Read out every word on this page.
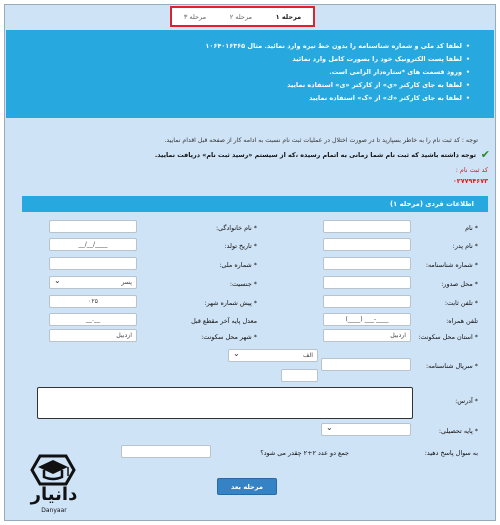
مرحله ۱
مرحله ۲
مرحله ۳
• لطفا کد ملی و شماره شناسنامه را بدون خط تیره وارد نمائید. مثال ۱۰۶۴۰۱۶۳۶۵
• لطفا پست الکترونیک خود را بصورت کامل وارد نمائید
• ورود قسمت های *ستاره‌دار الزامی است.
• لطفا به جای کارکتر «ي» از کارکتر «ی» استفاده نمایید
• لطفا به جای کارکتر «ك» از «ک» استفاده نمایید
توجه : کد ثبت نام را به خاطر بسپارید تا در صورت اختلال در عملیات ثبت نام نسبت به ادامه کار از صفحه قبل اقدام نمایید.
✔
توجه داشته باشید که ثبت نام شما زمانی به اتمام رسیده ،که از سیستم «رسید ثبت نام» دریافت نمایید.
کد ثبت نام :
۰۲۷۷۹۴۶۷۳
اطلاعات فردی (مرحله ۱)
* نام
* نام خانوادگی:
* نام پدر:
* تاریخ تولد:
__/__/____
* شماره شناسنامه:
* شماره ملی:
* محل صدور:
* جنسیت:
⌄ پسر
* تلفن ثابت:
* پیش شماره شهر:
۰۲۵
تلفن همراه:
(____) ___-____
معدل پایه آخر مقطع قبل
__.__
* استان محل سکونت:
اردبیل
* شهر محل سکونت:
اردبیل
* سریال شناسنامه:
⌄ الف
* آدرس:
* پایه تحصیلی:
⌄
به سوال پاسخ دهید:
جمع دو عدد ۲+۲ چقدر می شود؟
مرحله بعد
دانیار
Danyaar
